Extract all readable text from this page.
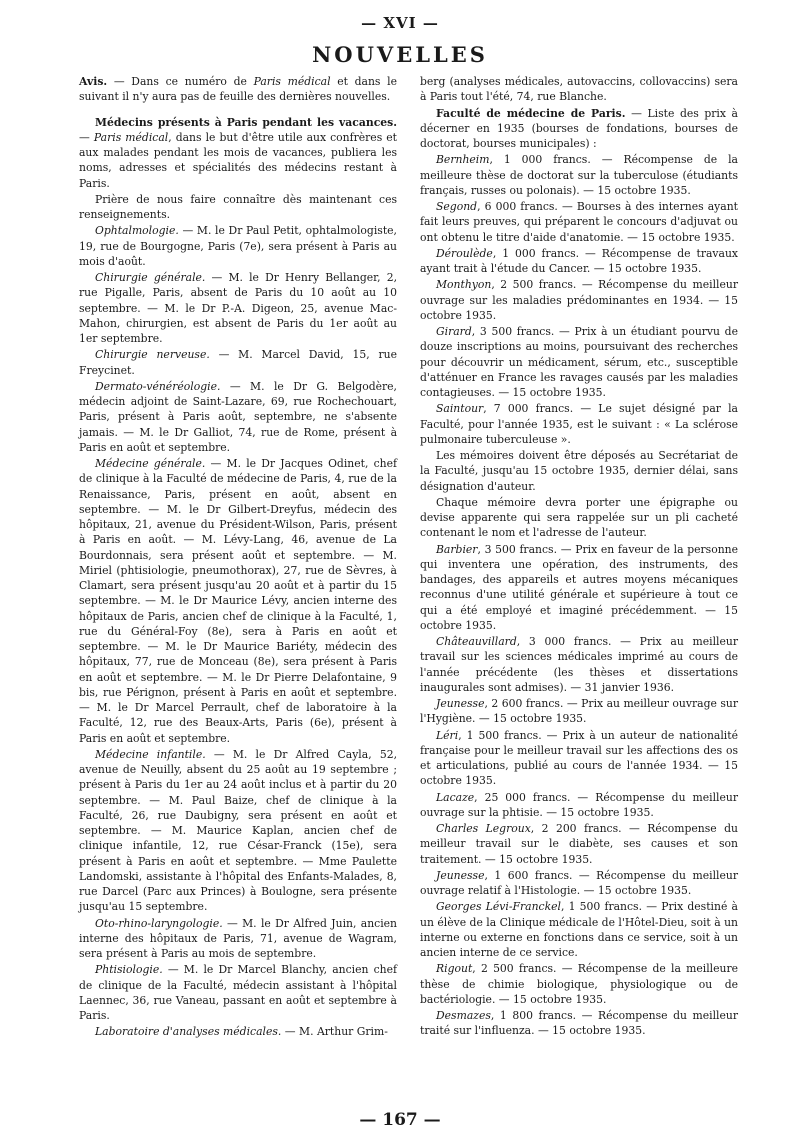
— XVI —
NOUVELLES

Avis. — Dans ce numéro de Paris médical et dans le suivant il n'y aura pas de feuille des dernières nouvelles.

Médecins présents à Paris pendant les vacances. — Paris médical, dans le but d'être utile aux confrères et aux malades pendant les mois de vacances, publiera les noms, adresses et spécialités des médecins restant à Paris.

Prière de nous faire connaître dès maintenant ces renseignements.

Ophtalmologie. — M. le Dr Paul Petit, ophtalmologiste, 19, rue de Bourgogne, Paris (7e), sera présent à Paris au mois d'août.

Chirurgie générale. — M. le Dr Henry Bellanger, 2, rue Pigalle, Paris, absent de Paris du 10 août au 10 septembre. — M. le Dr P.-A. Digeon, 25, avenue Mac-Mahon, chirurgien, est absent de Paris du 1er août au 1er septembre.

Chirurgie nerveuse. — M. Marcel David, 15, rue Freycinet.

Dermato-vénéréologie. — M. le Dr G. Belgodère, médecin adjoint de Saint-Lazare, 69, rue Rochechouart, Paris, présent à Paris août, septembre, ne s'absente jamais. — M. le Dr Galliot, 74, rue de Rome, présent à Paris en août et septembre.

Médecine générale. — M. le Dr Jacques Odinet, chef de clinique à la Faculté de médecine de Paris, 4, rue de la Renaissance, Paris, présent en août, absent en septembre. — M. le Dr Gilbert-Dreyfus, médecin des hôpitaux, 21, avenue du Président-Wilson, Paris, présent à Paris en août. — M. Lévy-Lang, 46, avenue de La Bourdonnais, sera présent août et septembre. — M. Miriel (phtisiologie, pneumothorax), 27, rue de Sèvres, à Clamart, sera présent jusqu'au 20 août et à partir du 15 septembre. — M. le Dr Maurice Lévy, ancien interne des hôpitaux de Paris, ancien chef de clinique à la Faculté, 1, rue du Général-Foy (8e), sera à Paris en août et septembre. — M. le Dr Maurice Bariéty, médecin des hôpitaux, 77, rue de Monceau (8e), sera présent à Paris en août et septembre. — M. le Dr Pierre Delafontaine, 9 bis, rue Pérignon, présent à Paris en août et septembre. — M. le Dr Marcel Perrault, chef de laboratoire à la Faculté, 12, rue des Beaux-Arts, Paris (6e), présent à Paris en août et septembre.

Médecine infantile. — M. le Dr Alfred Cayla, 52, avenue de Neuilly, absent du 25 août au 19 septembre ; présent à Paris du 1er au 24 août inclus et à partir du 20 septembre. — M. Paul Baize, chef de clinique à la Faculté, 26, rue Daubigny, sera présent en août et septembre. — M. Maurice Kaplan, ancien chef de clinique infantile, 12, rue César-Franck (15e), sera présent à Paris en août et septembre. — Mme Paulette Landomski, assistante à l'hôpital des Enfants-Malades, 8, rue Darcel (Parc aux Princes) à Boulogne, sera présente jusqu'au 15 septembre.

Oto-rhino-laryngologie. — M. le Dr Alfred Juin, ancien interne des hôpitaux de Paris, 71, avenue de Wagram, sera présent à Paris au mois de septembre.

Phtisiologie. — M. le Dr Marcel Blanchy, ancien chef de clinique de la Faculté, médecin assistant à l'hôpital Laennec, 36, rue Vaneau, passant en août et septembre à Paris.

Laboratoire d'analyses médicales. — M. Arthur Grim-

berg (analyses médicales, autovaccins, collovaccins) sera à Paris tout l'été, 74, rue Blanche.

Faculté de médecine de Paris. — Liste des prix à décerner en 1935 (bourses de fondations, bourses de doctorat, bourses municipales) :

Bernheim, 1 000 francs. — Récompense de la meilleure thèse de doctorat sur la tuberculose (étudiants français, russes ou polonais). — 15 octobre 1935.

Segond, 6 000 francs. — Bourses à des internes ayant fait leurs preuves, qui préparent le concours d'adjuvat ou ont obtenu le titre d'aide d'anatomie. — 15 octobre 1935.

Déroulède, 1 000 francs. — Récompense de travaux ayant trait à l'étude du Cancer. — 15 octobre 1935.

Monthyon, 2 500 francs. — Récompense du meilleur ouvrage sur les maladies prédominantes en 1934. — 15 octobre 1935.

Girard, 3 500 francs. — Prix à un étudiant pourvu de douze inscriptions au moins, poursuivant des recherches pour découvrir un médicament, sérum, etc., susceptible d'atténuer en France les ravages causés par les maladies contagieuses. — 15 octobre 1935.

Saintour, 7 000 francs. — Le sujet désigné par la Faculté, pour l'année 1935, est le suivant : « La sclérose pulmonaire tuberculeuse ».

Les mémoires doivent être déposés au Secrétariat de la Faculté, jusqu'au 15 octobre 1935, dernier délai, sans désignation d'auteur.

Chaque mémoire devra porter une épigraphe ou devise apparente qui sera rappelée sur un pli cacheté contenant le nom et l'adresse de l'auteur.

Barbier, 3 500 francs. — Prix en faveur de la personne qui inventera une opération, des instruments, des bandages, des appareils et autres moyens mécaniques reconnus d'une utilité générale et supérieure à tout ce qui a été employé et imaginé précédemment. — 15 octobre 1935.

Châteauvillard, 3 000 francs. — Prix au meilleur travail sur les sciences médicales imprimé au cours de l'année précédente (les thèses et dissertations inaugurales sont admises). — 31 janvier 1936.

Jeunesse, 2 600 francs. — Prix au meilleur ouvrage sur l'Hygiène. — 15 octobre 1935.

Léri, 1 500 francs. — Prix à un auteur de nationalité française pour le meilleur travail sur les affections des os et articulations, publié au cours de l'année 1934. — 15 octobre 1935.

Lacaze, 25 000 francs. — Récompense du meilleur ouvrage sur la phtisie. — 15 octobre 1935.

Charles Legroux, 2 200 francs. — Récompense du meilleur travail sur le diabète, ses causes et son traitement. — 15 octobre 1935.

Jeunesse, 1 600 francs. — Récompense du meilleur ouvrage relatif à l'Histologie. — 15 octobre 1935.

Georges Lévi-Franckel, 1 500 francs. — Prix destiné à un élève de la Clinique médicale de l'Hôtel-Dieu, soit à un interne ou externe en fonctions dans ce service, soit à un ancien interne de ce service.

Rigout, 2 500 francs. — Récompense de la meilleure thèse de chimie biologique, physiologique ou de bactériologie. — 15 octobre 1935.

Desmazes, 1 800 francs. — Récompense du meilleur traité sur l'influenza. — 15 octobre 1935.

— 167 —
